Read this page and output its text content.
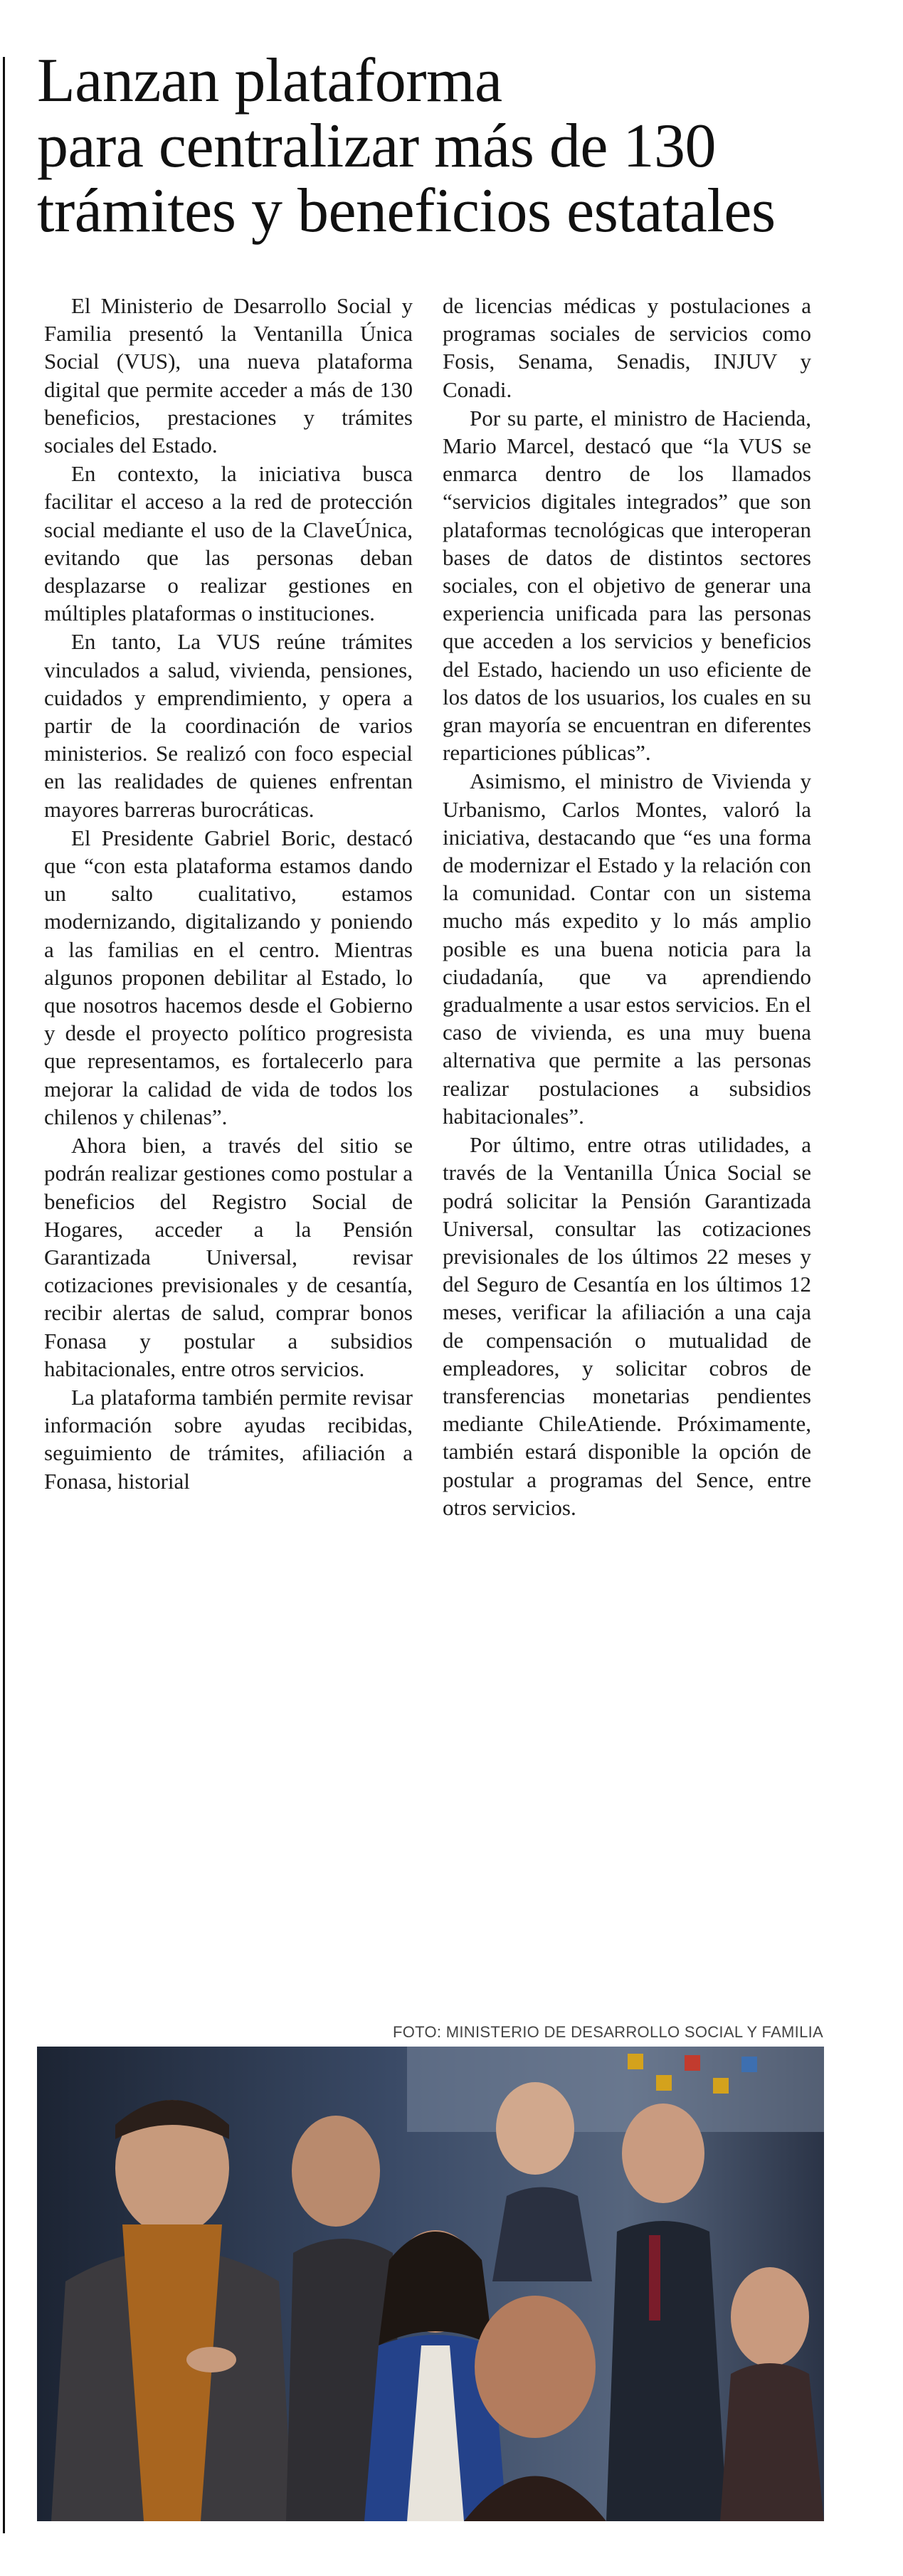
Lanzan plataforma
para centralizar más de 130
trámites y beneficios estatales

El Ministerio de Desarrollo Social y Familia presentó la Ventanilla Única Social (VUS), una nueva plataforma digital que permite acceder a más de 130 beneficios, prestaciones y trámites sociales del Estado.

En contexto, la iniciativa busca facilitar el acceso a la red de protección social mediante el uso de la ClaveÚnica, evitando que las personas deban desplazarse o realizar gestiones en múltiples plataformas o instituciones.

En tanto, La VUS reúne trámites vinculados a salud, vivienda, pensiones, cuidados y emprendimiento, y opera a partir de la coordinación de varios ministerios. Se realizó con foco especial en las realidades de quienes enfrentan mayores barreras burocráticas.

El Presidente Gabriel Boric, destacó que “con esta plataforma estamos dando un salto cualitativo, estamos modernizando, digitalizando y poniendo a las familias en el centro. Mientras algunos proponen debilitar al Estado, lo que nosotros hacemos desde el Gobierno y desde el proyecto político progresista que representamos, es fortalecerlo para mejorar la calidad de vida de todos los chilenos y chilenas”.

Ahora bien, a través del sitio se podrán realizar gestiones como postular a beneficios del Registro Social de Hogares, acceder a la Pensión Garantizada Universal, revisar cotizaciones previsionales y de cesantía, recibir alertas de salud, comprar bonos Fonasa y postular a subsidios habitacionales, entre otros servicios.

La plataforma también permite revisar información sobre ayudas recibidas, seguimiento de trámites, afiliación a Fonasa, historial

de licencias médicas y postulaciones a programas sociales de servicios como Fosis, Senama, Senadis, INJUV y Conadi.

Por su parte, el ministro de Hacienda, Mario Marcel, destacó que “la VUS se enmarca dentro de los llamados “servicios digitales integrados” que son plataformas tecnológicas que interoperan bases de datos de distintos sectores sociales, con el objetivo de generar una experiencia unificada para las personas que acceden a los servicios y beneficios del Estado, haciendo un uso eficiente de los datos de los usuarios, los cuales en su gran mayoría se encuentran en diferentes reparticiones públicas”.

Asimismo, el ministro de Vivienda y Urbanismo, Carlos Montes, valoró la iniciativa, destacando que “es una forma de modernizar el Estado y la relación con la comunidad. Contar con un sistema mucho más expedito y lo más amplio posible es una buena noticia para la ciudadanía, que va aprendiendo gradualmente a usar estos servicios. En el caso de vivienda, es una muy buena alternativa que permite a las personas realizar postulaciones a subsidios habitacionales”.

Por último, entre otras utilidades, a través de la Ventanilla Única Social se podrá solicitar la Pensión Garantizada Universal, consultar las cotizaciones previsionales de los últimos 22 meses y del Seguro de Cesantía en los últimos 12 meses, verificar la afiliación a una caja de compensación o mutualidad de empleadores, y solicitar cobros de transferencias monetarias pendientes mediante ChileAtiende. Próximamente, también estará disponible la opción de postular a programas del Sence, entre otros servicios.

FOTO: MINISTERIO DE DESARROLLO SOCIAL Y FAMILIA
